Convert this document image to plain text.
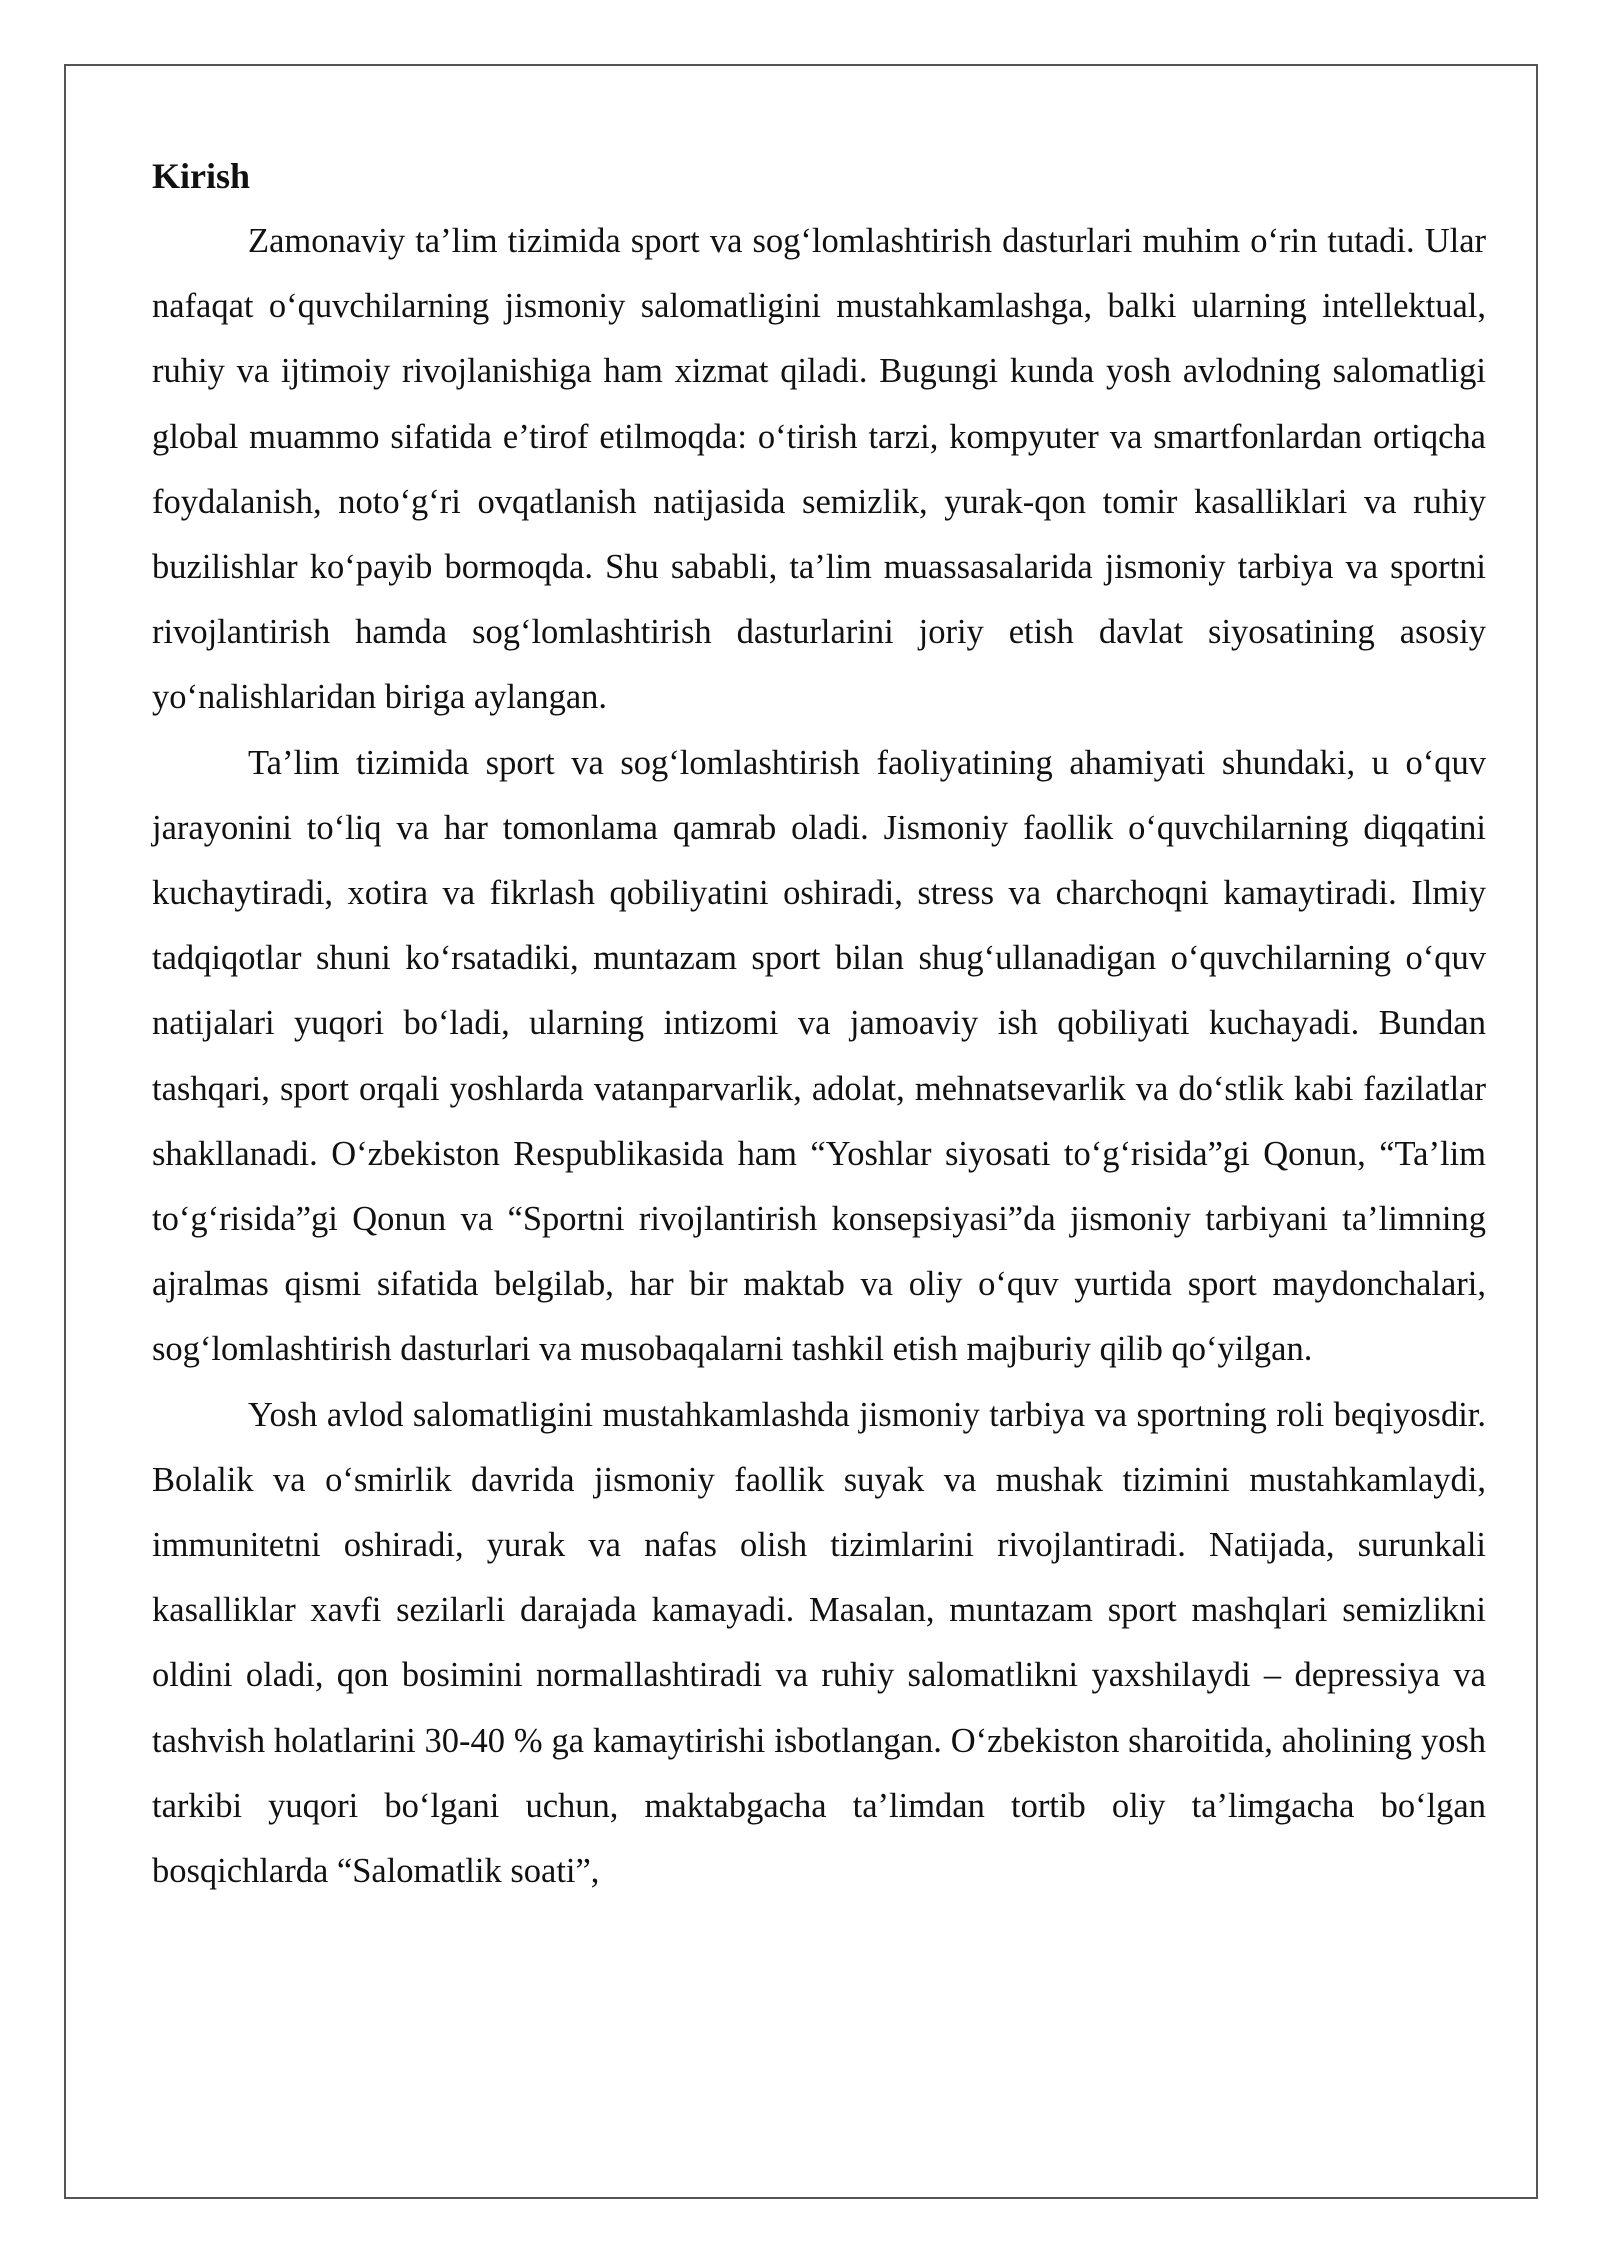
Kirish

Zamonaviy ta’lim tizimida sport va sog‘lomlashtirish dasturlari muhim o‘rin tutadi. Ular nafaqat o‘quvchilarning jismoniy salomatligini mustahkamlashga, balki ularning intellektual, ruhiy va ijtimoiy rivojlanishiga ham xizmat qiladi. Bugungi kunda yosh avlodning salomatligi global muammo sifatida e’tirof etilmoqda: o‘tirish tarzi, kompyuter va smartfonlardan ortiqcha foydalanish, noto‘g‘ri ovqatlanish natijasida semizlik, yurak-qon tomir kasalliklari va ruhiy buzilishlar ko‘payib bormoqda. Shu sababli, ta’lim muassasalarida jismoniy tarbiya va sportni rivojlantirish hamda sog‘lomlashtirish dasturlarini joriy etish davlat siyosatining asosiy yo‘nalishlaridan biriga aylangan.

Ta’lim tizimida sport va sog‘lomlashtirish faoliyatining ahamiyati shundaki, u o‘quv jarayonini to‘liq va har tomonlama qamrab oladi. Jismoniy faollik o‘quvchilarning diqqatini kuchaytiradi, xotira va fikrlash qobiliyatini oshiradi, stress va charchoqni kamaytiradi. Ilmiy tadqiqotlar shuni ko‘rsatadiki, muntazam sport bilan shug‘ullanadigan o‘quvchilarning o‘quv natijalari yuqori bo‘ladi, ularning intizomi va jamoaviy ish qobiliyati kuchayadi. Bundan tashqari, sport orqali yoshlarda vatanparvarlik, adolat, mehnatsevarlik va do‘stlik kabi fazilatlar shakllanadi. O‘zbekiston Respublikasida ham “Yoshlar siyosati to‘g‘risida”gi Qonun, “Ta’lim to‘g‘risida”gi Qonun va “Sportni rivojlantirish konsepsiyasi”da jismoniy tarbiyani ta’limning ajralmas qismi sifatida belgilab, har bir maktab va oliy o‘quv yurtida sport maydonchalari, sog‘lomlashtirish dasturlari va musobaqalarni tashkil etish majburiy qilib qo‘yilgan.

Yosh avlod salomatligini mustahkamlashda jismoniy tarbiya va sportning roli beqiyosdir. Bolalik va o‘smirlik davrida jismoniy faollik suyak va mushak tizimini mustahkamlaydi, immunitetni oshiradi, yurak va nafas olish tizimlarini rivojlantiradi. Natijada, surunkali kasalliklar xavfi sezilarli darajada kamayadi. Masalan, muntazam sport mashqlari semizlikni oldini oladi, qon bosimini normallashtiradi va ruhiy salomatlikni yaxshilaydi – depressiya va tashvish holatlarini 30-40 % ga kamaytirishi isbotlangan. O‘zbekiston sharoitida, aholining yosh tarkibi yuqori bo‘lgani uchun, maktabgacha ta’limdan tortib oliy ta’limgacha bo‘lgan bosqichlarda “Salomatlik soati”,
